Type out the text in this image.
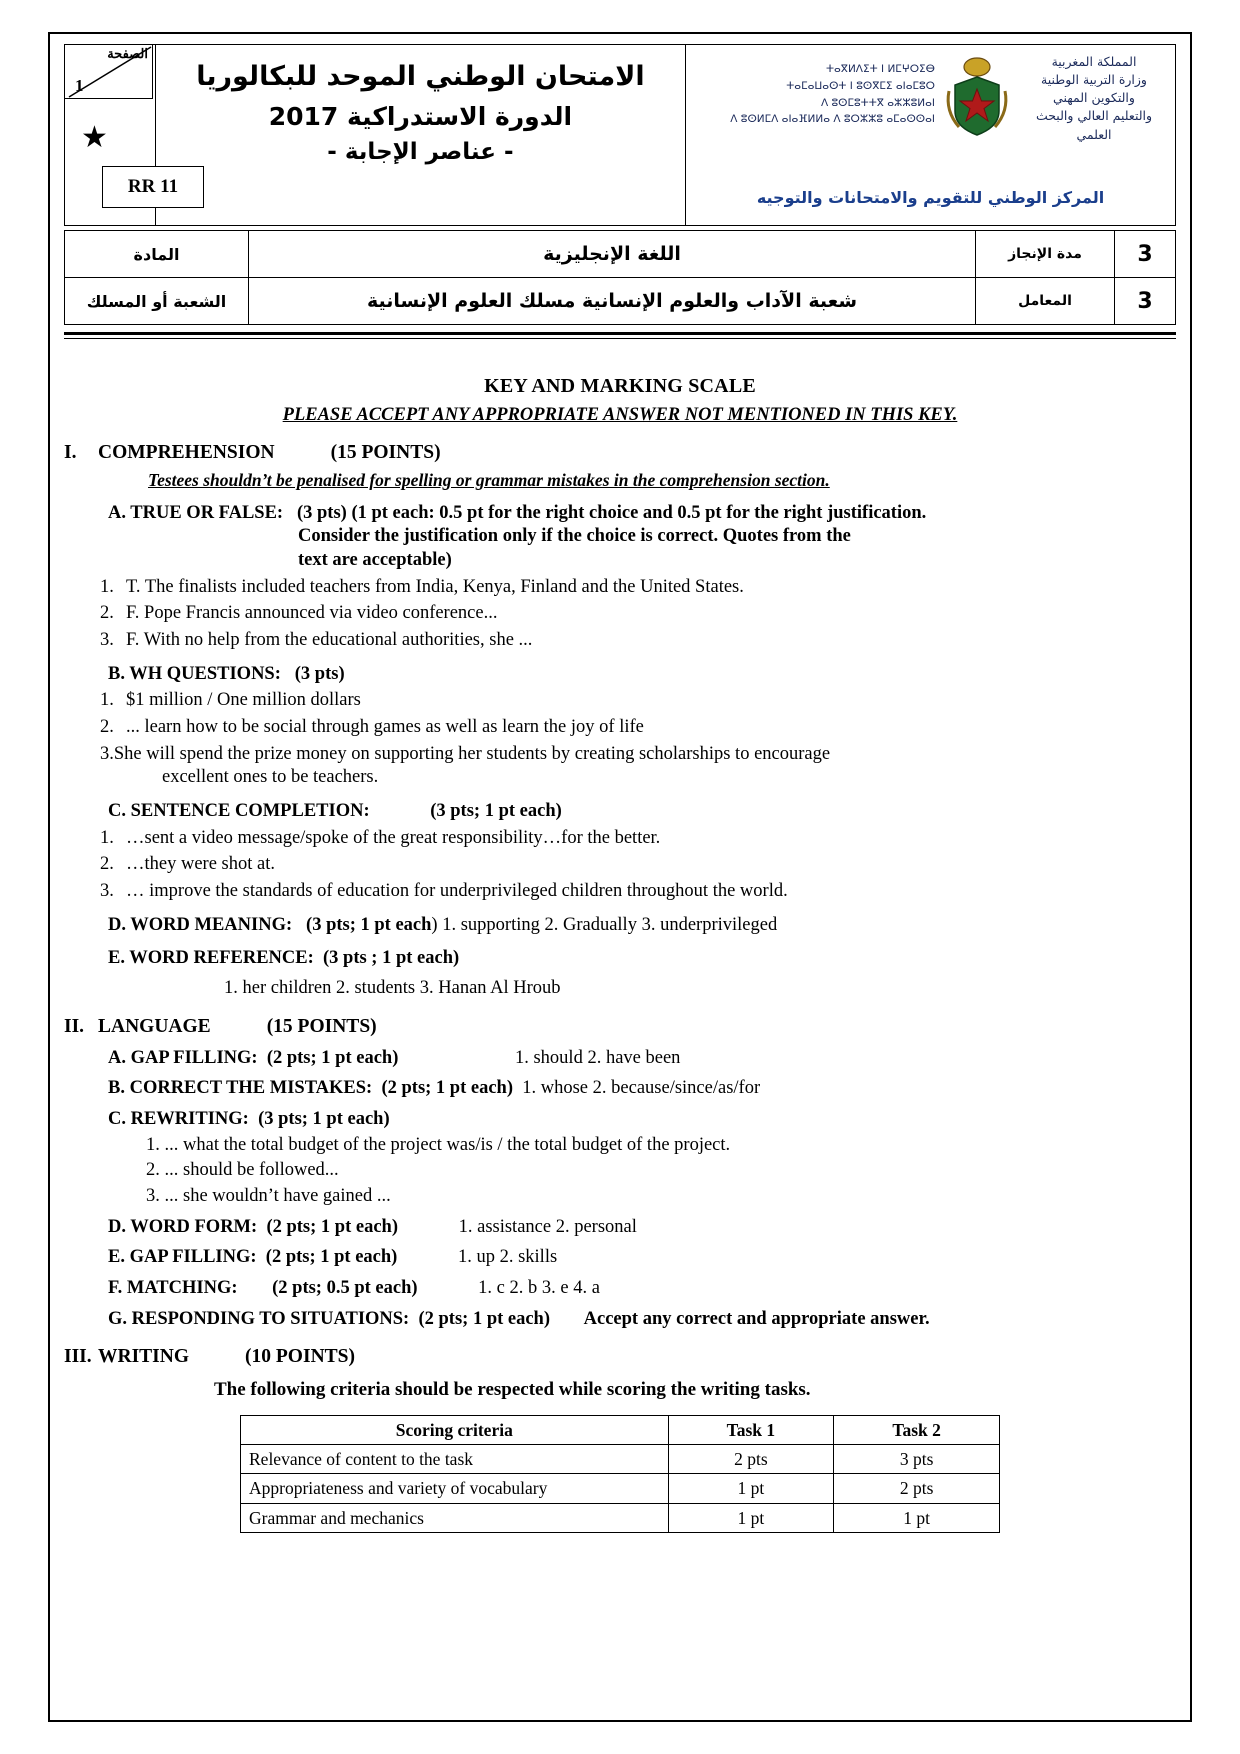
الصفحة
1
★

الامتحان الوطني الموحد للبكالوريا
الدورة الاستدراكية 2017
- عناصر الإجابة -

ⵜⴰⴳⵍⴷⵉⵜ ⵏ ⵍⵎⵖⵔⵉⴱ
ⵜⴰⵎⴰⵡⴰⵙⵜ ⵏ ⵓⵙⴳⵎⵉ ⴰⵏⴰⵎⵓⵔ
ⴷ ⵓⵙⵎⵓⵜⵜⴳ ⴰⵣⵣⵓⵍⴰⵏ
ⴷ ⵓⵙⵍⵎⴷ ⴰⵏⴰⴼⵍⵍⴰ ⴷ ⵓⵔⵣⵣⵓ ⴰⵎⴰⵙⵙⴰⵏ
المملكة المغربية
وزارة التربية الوطنية
والتكوين المهني
والتعليم العالي والبحث العلمي
المركز الوطني للتقويم والامتحانات والتوجيه
RR 11
3	مدة الإنجاز	اللغة الإنجليزية	المادة
3	المعامل	شعبة الآداب والعلوم الإنسانية مسلك العلوم الإنسانية	الشعبة أو المسلك
KEY AND MARKING SCALE
PLEASE ACCEPT ANY APPROPRIATE ANSWER NOT MENTIONED IN THIS KEY.
I. COMPREHENSION	(15 POINTS)
Testees shouldn’t be penalised for spelling or grammar mistakes in the comprehension section.
A. TRUE OR FALSE: (3 pts) (1 pt each: 0.5 pt for the right choice and 0.5 pt for the right justification.
Consider the justification only if the choice is correct. Quotes from the
text are acceptable)
1. T. The finalists included teachers from India, Kenya, Finland and the United States.
2. F. Pope Francis announced via video conference...
3. F. With no help from the educational authorities, she ...
B. WH QUESTIONS: (3 pts)
1. $1 million / One million dollars
2. ... learn how to be social through games as well as learn the joy of life
3.She will spend the prize money on supporting her students by creating scholarships to encourage
excellent ones to be teachers.
C. SENTENCE COMPLETION:	(3 pts; 1 pt each)
1. …sent a video message/spoke of the great responsibility…for the better.
2. …they were shot at.
3. … improve the standards of education for underprivileged children throughout the world.
D. WORD MEANING: (3 pts; 1 pt each) 1. supporting 2. Gradually 3. underprivileged
E. WORD REFERENCE: (3 pts ; 1 pt each)
1. her children 2. students 3. Hanan Al Hroub
II. LANGUAGE	(15 POINTS)
A. GAP FILLING: (2 pts; 1 pt each)	1. should 2. have been
B. CORRECT THE MISTAKES: (2 pts; 1 pt each) 1. whose 2. because/since/as/for
C. REWRITING: (3 pts; 1 pt each)
1. ... what the total budget of the project was/is / the total budget of the project.
2. ... should be followed...
3. ... she wouldn’t have gained ...
D. WORD FORM: (2 pts; 1 pt each)	1. assistance 2. personal
E. GAP FILLING: (2 pts; 1 pt each)	1. up 2. skills
F. MATCHING: (2 pts; 0.5 pt each)	1. c 2. b 3. e 4. a
G. RESPONDING TO SITUATIONS: (2 pts; 1 pt each) Accept any correct and appropriate answer.
III. WRITING	(10 POINTS)
The following criteria should be respected while scoring the writing tasks.
Scoring criteria	Task 1	Task 2
Relevance of content to the task	2 pts	3 pts
Appropriateness and variety of vocabulary	1 pt	2 pts
Grammar and mechanics	1 pt	1 pt
